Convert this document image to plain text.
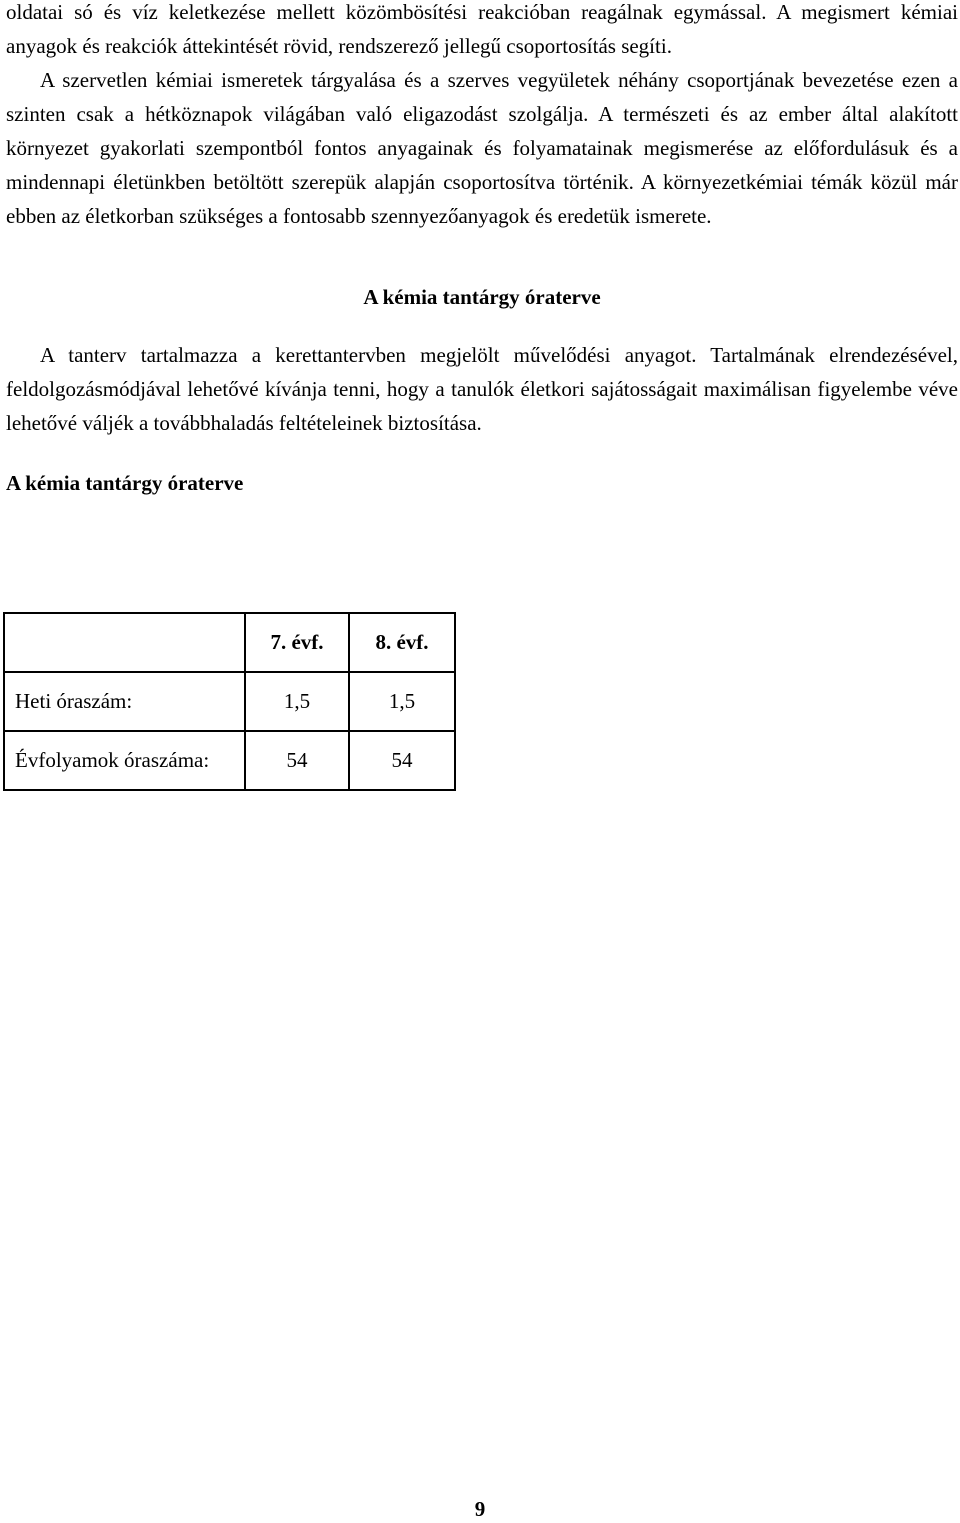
oldatai só és víz keletkezése mellett közömbösítési reakcióban reagálnak egymással. A megismert kémiai anyagok és reakciók áttekintését rövid, rendszerező jellegű csoportosítás segíti.

A szervetlen kémiai ismeretek tárgyalása és a szerves vegyületek néhány csoportjának bevezetése ezen a szinten csak a hétköznapok világában való eligazodást szolgálja. A természeti és az ember által alakított környezet gyakorlati szempontból fontos anyagainak és folyamatainak megismerése az előfordulásuk és a mindennapi életünkben betöltött szerepük alapján csoportosítva történik. A környezetkémiai témák közül már ebben az életkorban szükséges a fontosabb szennyezőanyagok és eredetük ismerete.

A kémia tantárgy óraterve

A tanterv tartalmazza a kerettantervben megjelölt művelődési anyagot. Tartalmának elrendezésével, feldolgozásmódjával lehetővé kívánja tenni, hogy a tanulók életkori sajátosságait maximálisan figyelembe véve lehetővé váljék a továbbhaladás feltételeinek biztosítása.

A kémia tantárgy óraterve
	7. évf.	8. évf.
Heti óraszám:	1,5	1,5
Évfolyamok óraszáma:	54	54
9
